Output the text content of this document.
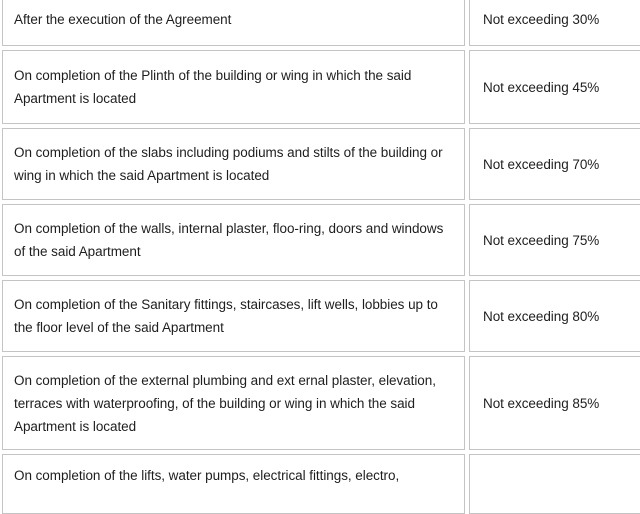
After the execution of the Agreement	Not exceeding 30%
On completion of the Plinth of the building or wing in which the said Apartment is located
Not exceeding 45%
On completion of the slabs including podiums and stilts of the building or wing in which the said Apartment is located
Not exceeding 70%
On completion of the walls, internal plaster, floo-ring, doors and windows of the said Apartment
Not exceeding 75%
On completion of the Sanitary fittings, staircases, lift wells, lobbies up to the floor level of the said Apartment
Not exceeding 80%
On completion of the external plumbing and ext ernal plaster, elevation, terraces with waterproofing, of the building or wing in which the said Apartment is located
Not exceeding 85%
On completion of the lifts, water pumps, electrical fittings, electro,
